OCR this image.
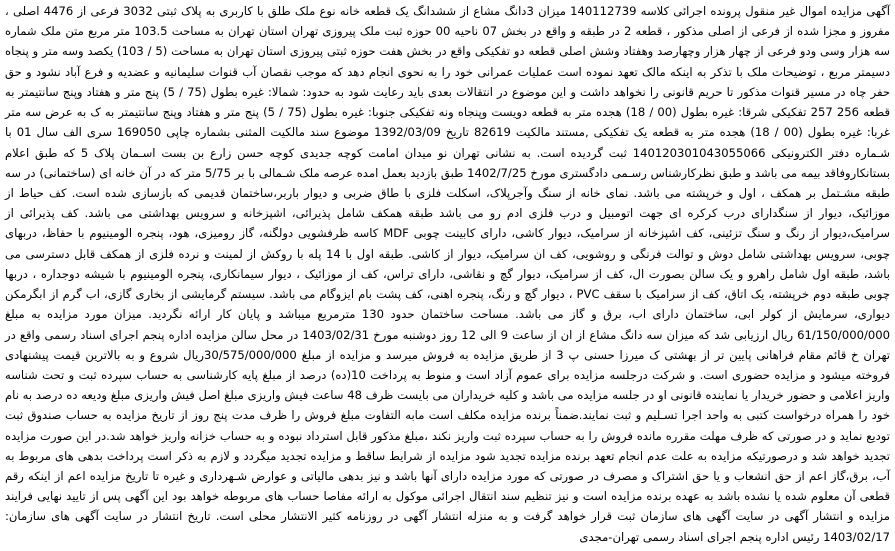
آگهی مزایده اموال غیر منقول پرونده اجرائی کلاسه 140112739 میزان 3دانگ مشاع از ششدانگ یک قطعه خانه نوع ملک طلق با کاربری به پلاک ثبتی 3032 فرعی از 4476 اصلی ، مفروز و مجزا شده از فرعی از اصلی مذکور ، قطعه 2 در طبقه و واقع در بخش 07 ناحیه 00 حوزه ثبت ملک پیروزی تهران استان تهران به مساحت 103.5 متر مربع متن ملک شماره سه هزار وسی ودو فرعی از چهار هزار وچهارصد وهفتاد وشش اصلی قطعه دو تفکیکی واقع در بخش هفت حوزه ثبتی پیروزی استان تهران به مساحت (5 / 103) یکصد وسه متر و پنجاه دسیمتر مربع ، توضیحات ملک با تذکر به اینکه مالک تعهد نموده است عملیات عمرانی خود را به نحوی انجام دهد که موجب نقصان آب قنوات سلیمانیه و عضدیه و فرع آباد نشود و حق حفر چاه در مسیر قنوات مذکور تا حریم قانونی را نخواهد داشت و این موضوع در انتقالات بعدی باید رعایت شود به حدود: شمالا: غیره بطول (75 / 5) پنج متر و هفتاد وپنج سانتیمتر به قطعه 256 257 تفکیکی شرقا: غیره بطول (00 / 18) هجده متر به قطعه دویست وپنجاه ونه تفکیکی جنوبا: غیره بطول (75 / 5) پنج متر و هفتاد وپنج سانتیمتر به ک به عرض سه متر غربا: غیره بطول (00 / 18) هجده متر به قطعه یک تفکیکی ,مستند مالکیت 82619 تاریخ 1392/03/09 موضوع سند مالکیت المثنی بشماره چاپی 169050 سری الف سال 01 با شـماره دفتر الکترونیکی 140120301043055066 ثبت گردیده است. به نشانی تهران نو میدان امامت کوچه جدیدی کوچه حسن زارع بن بست اسـمان پلاک 5 که طبق اعلام بستانکاروفاقد بیمه می باشد و طبق نظرکارشناس رسـمی دادگستری مورخ 1402/7/25 طبق بازدید بعمل امده عرصه ملک شـمالی با بر 5/75 متر که در آن خانه ای (ساختمانی) در سه طبقه مشـتمل بر همکف ، اول و خرپشته می باشد. نمای خانه از سنگ وآجرپلاک، اسکلت فلزی با طاق ضربی و دیوار باربر،ساختمان قدیمی که بازسازی شده است. کف حیاط از موزائیک، دیوار از سنگدارای درب کرکره ای جهت اتومبیل و درب فلزی ادم رو می باشد طبقه همکف شامل پذیرائی، اشپزخانه و سرویس بهداشتی می باشد. کف پذیرائی از سرامیک،دیوار از رنگ و سنگ تزئینی، کف اشپزخانه از سرامیک، دیوار کاشی، دارای کابینت چوبی MDF کاسه ظرفشویی دولگنه، گاز رومیزی، هود، پنجره الومینیوم با حفاظ، دربهای چوبی، سرویس بهداشتی شامل دوش و توالت فرنگی و روشویی، کف ان سرامیک، دیوار از کاشی. طبقه اول با 14 پله با روکش از لمینت و نرده فلزی از همکف قابل دسترسی می باشد، طبقه اول شامل راهرو و یک سالن بصورت ال، کف از سرامیک، دیوار گچ و نقاشی، دارای تراس، کف از موزائیک ، دیوار سیمانکاری، پنجره الومینیوم با شیشه دوجداره ، دربها چوبی طبقه دوم خرپشته، یک اتاق، کف از سرامیک با سقف PVC ، دیوار گچ و رنگ، پنجره اهنی، کف پشت بام ایزوگام می باشد. سیستم گرمایشی از بخاری گازی، اب گرم از ابگرمکن دیواری، سرمایش از کولر ابی، ساختمان دارای اب، برق و گاز می باشد. مساحت ساختمان حدود 130 مترمربع میباشد و پایان کار ارائه نگردید. میزان مورد مزایده به مبلغ 61/150/000/000 ریال ارزیابی شد که میزان سه دانگ مشاع از ان از ساعت 9 الی 12 روز دوشنبه مورخ 1403/02/31 در محل سالن مزایده اداره پنجم اجرای اسناد رسمی واقع در تهران خ قائم مقام فراهانی پایین تر از بهشتی ک میرزا حسنی پ 3 از طریق مزایده به فروش میرسد و مزایده از مبلغ 30/575/000/000ریال شروع و به بالاترین قیمت پیشنهادی فروخته میشود و مزایده حضوری است. و شرکت درجلسه مزایده برای عموم آزاد است و منوط به پرداخت 10(ده) درصد از مبلغ پایه کارشناسی به حساب سپرده ثبت و تحت شناسه واریز اعلامی و حضور خریدار یا نماینده قانونی او در جلسه مزایده می باشد و کلیه خریداران می بایست ظرف 48 ساعت فیش واریزی مبلغ اصل فیش واریزی مبلغ ودیعه ده درصد به نام خود را همراه درخواست کتبی به واحد اجرا تسـلیم و ثبت نمایند.ضمناً برنده مزایده مکلف است مابه التفاوت مبلغ فروش را ظرف مدت پنج روز از تاریخ مزایده به حساب صندوق ثبت تودیع نماید و در صورتی که ظرف مهلت مقرره مانده فروش را به حساب سپرده ثبت واریز نکند ،مبلغ مذکور قابل استرداد نبوده و به حساب خزانه واریز خواهد شد.در این صورت مزایده تجدید خواهد شد و درصورتیکه مزایده به علت عدم انجام تعهد برنده مزایده تجدید شود مزایده از شرایط ساقط و مزایده تجدید میگردد و لازم به ذکر است پرداخت بدهی های مربوط به آب، برق،گاز اعم از حق انشعاب و یا حق اشتراک و مصرف در صورتی که مورد مزایده دارای آنها باشد و نیز بدهی مالیاتی و عوارض شـهرداری و غیره تا تاریخ مزایده اعم از اینکه رقم قطعی آن معلوم شده یا نشده باشد به عهده برنده مزایده است و نیز تنظیم سند انتقال اجرائی موکول به ارائه مفاصا حساب های مربوطه خواهد بود این آگهی پس از تایید نهایی فرایند مزایده و انتشار آگهی در سایت آگهی های سازمان ثبت قرار خواهد گرفت و به منزله انتشار آگهی در روزنامه کثیر الانتشار محلی است. تاریخ انتشار در سایت آگهی های سازمان: 1403/02/17 رئیس اداره پنجم اجرای اسناد رسمی تهران-مجدی
